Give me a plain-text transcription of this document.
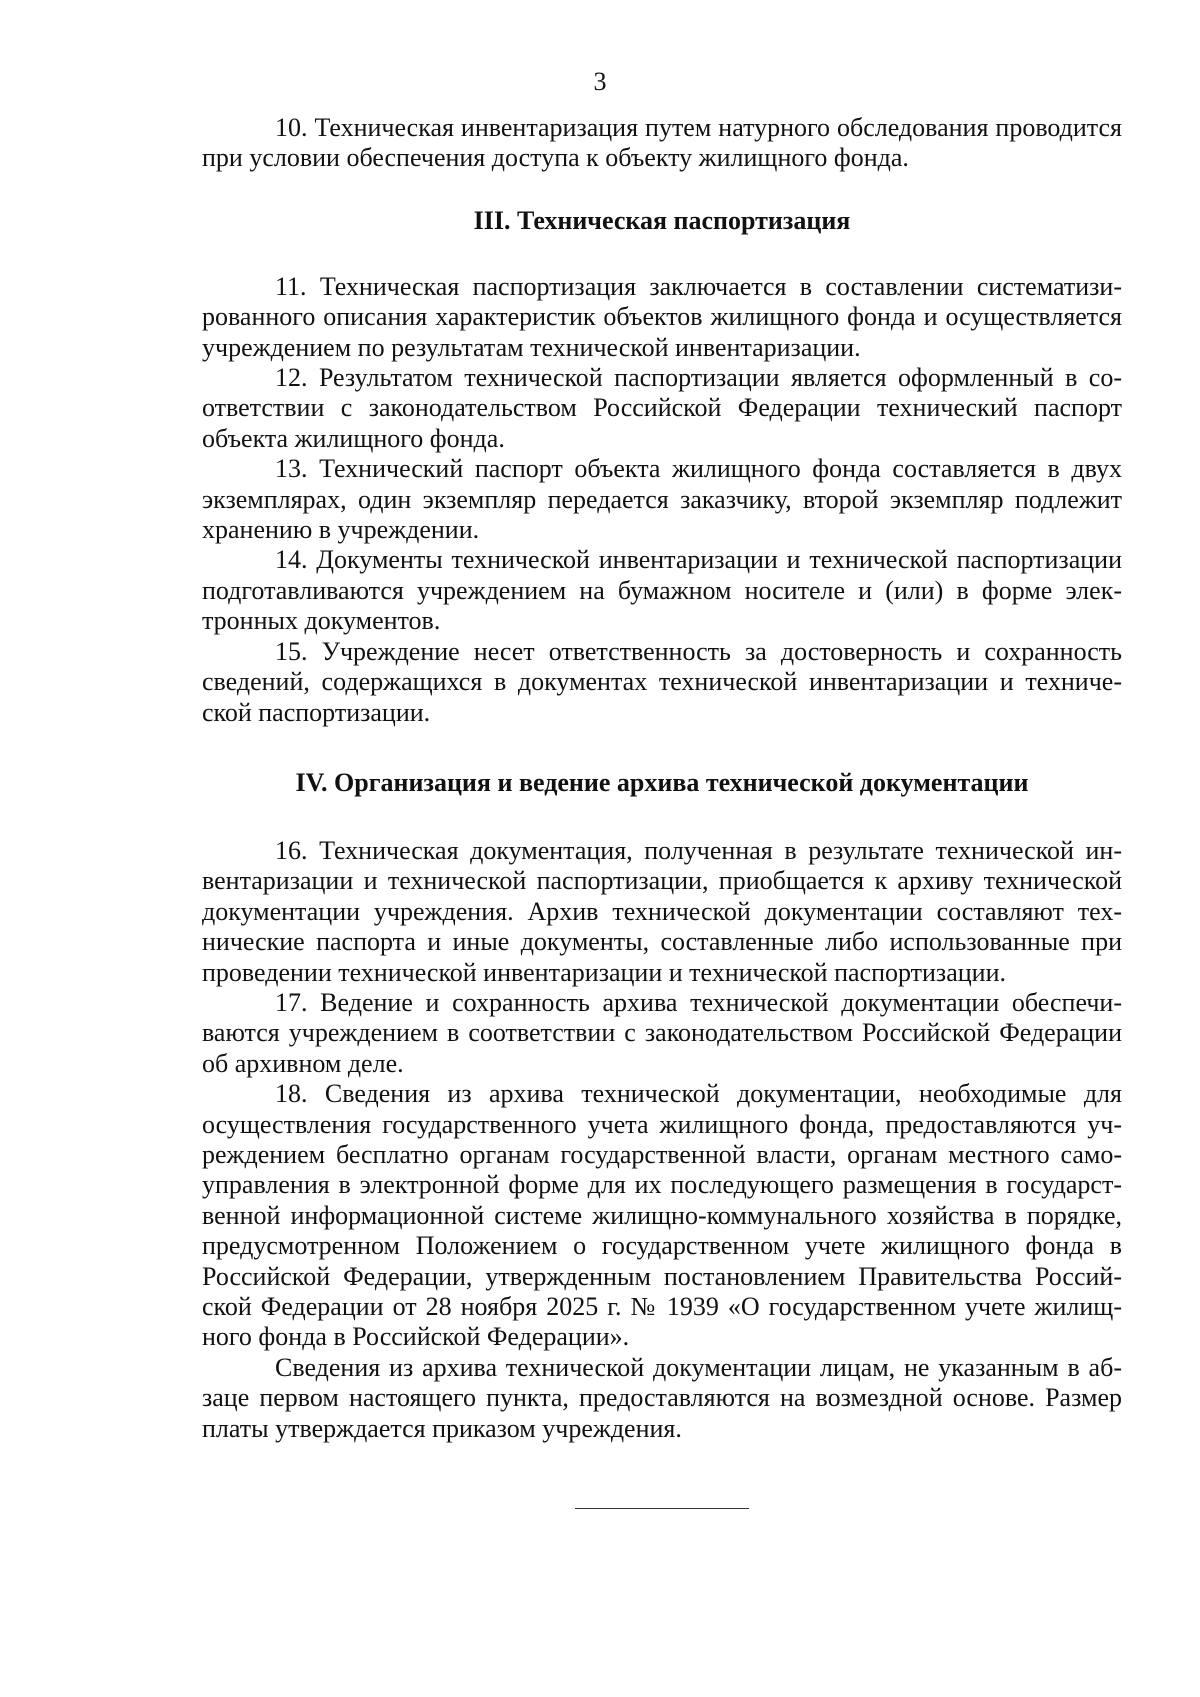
3

10. Техническая инвентаризация путем натурного обследования проводится при условии обеспечения доступа к объекту жилищного фонда.

III. Техническая паспортизация

11. Техническая паспортизация заключается в составлении систематизированного описания характеристик объектов жилищного фонда и осуществляется учреждением по результатам технической инвентаризации.

12. Результатом технической паспортизации является оформленный в соответствии с законодательством Российской Федерации технический паспорт объекта жилищного фонда.

13. Технический паспорт объекта жилищного фонда составляется в двух экземплярах, один экземпляр передается заказчику, второй экземпляр подлежит хранению в учреждении.

14. Документы технической инвентаризации и технической паспортизации подготавливаются учреждением на бумажном носителе и (или) в форме электронных документов.

15. Учреждение несет ответственность за достоверность и сохранность сведений, содержащихся в документах технической инвентаризации и технической паспортизации.

IV. Организация и ведение архива технической документации

16. Техническая документация, полученная в результате технической инвентаризации и технической паспортизации, приобщается к архиву технической документации учреждения. Архив технической документации составляют технические паспорта и иные документы, составленные либо использованные при проведении технической инвентаризации и технической паспортизации.

17. Ведение и сохранность архива технической документации обеспечиваются учреждением в соответствии с законодательством Российской Федерации об архивном деле.

18. Сведения из архива технической документации, необходимые для осуществления государственного учета жилищного фонда, предоставляются учреждением бесплатно органам государственной власти, органам местного самоуправления в электронной форме для их последующего размещения в государственной информационной системе жилищно-коммунального хозяйства в порядке, предусмотренном Положением о государственном учете жилищного фонда в Российской Федерации, утвержденным постановлением Правительства Российской Федерации от 28 ноября 2025 г. № 1939 «О государственном учете жилищного фонда в Российской Федерации».

Сведения из архива технической документации лицам, не указанным в абзаце первом настоящего пункта, предоставляются на возмездной основе. Размер платы утверждается приказом учреждения.
